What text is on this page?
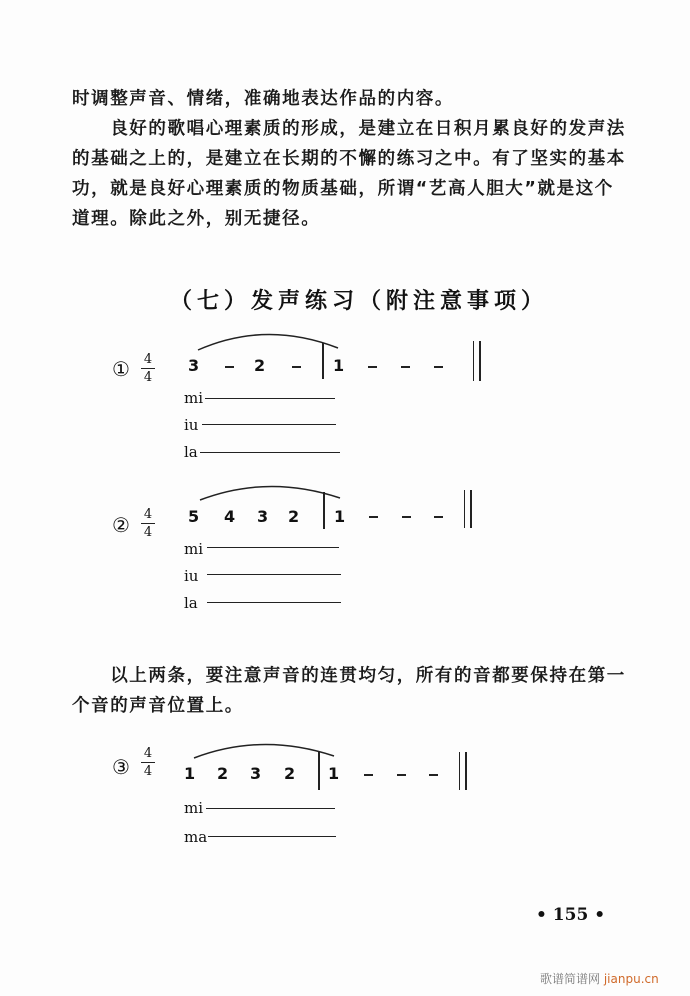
时调整声音、情绪，准确地表达作品的内容。
　　良好的歌唱心理素质的形成，是建立在日积月累良好的发声法的基础之上的，是建立在长期的不懈的练习之中。有了坚实的基本功，就是良好心理素质的物质基础，所谓“艺高人胆大”就是这个道理。除此之外，别无捷径。
（七）发声练习（附注意事项）
① 4
4
3	2	1
mi
iu
la
② 4
4
5 4 3 2 1
mi
iu
la
　　以上两条，要注意声音的连贯均匀，所有的音都要保持在第一个音的声音位置上。
③
4
4 1 2 3 2 1
mi
ma
• 155 •
歌谱简谱网 jianpu.cn
